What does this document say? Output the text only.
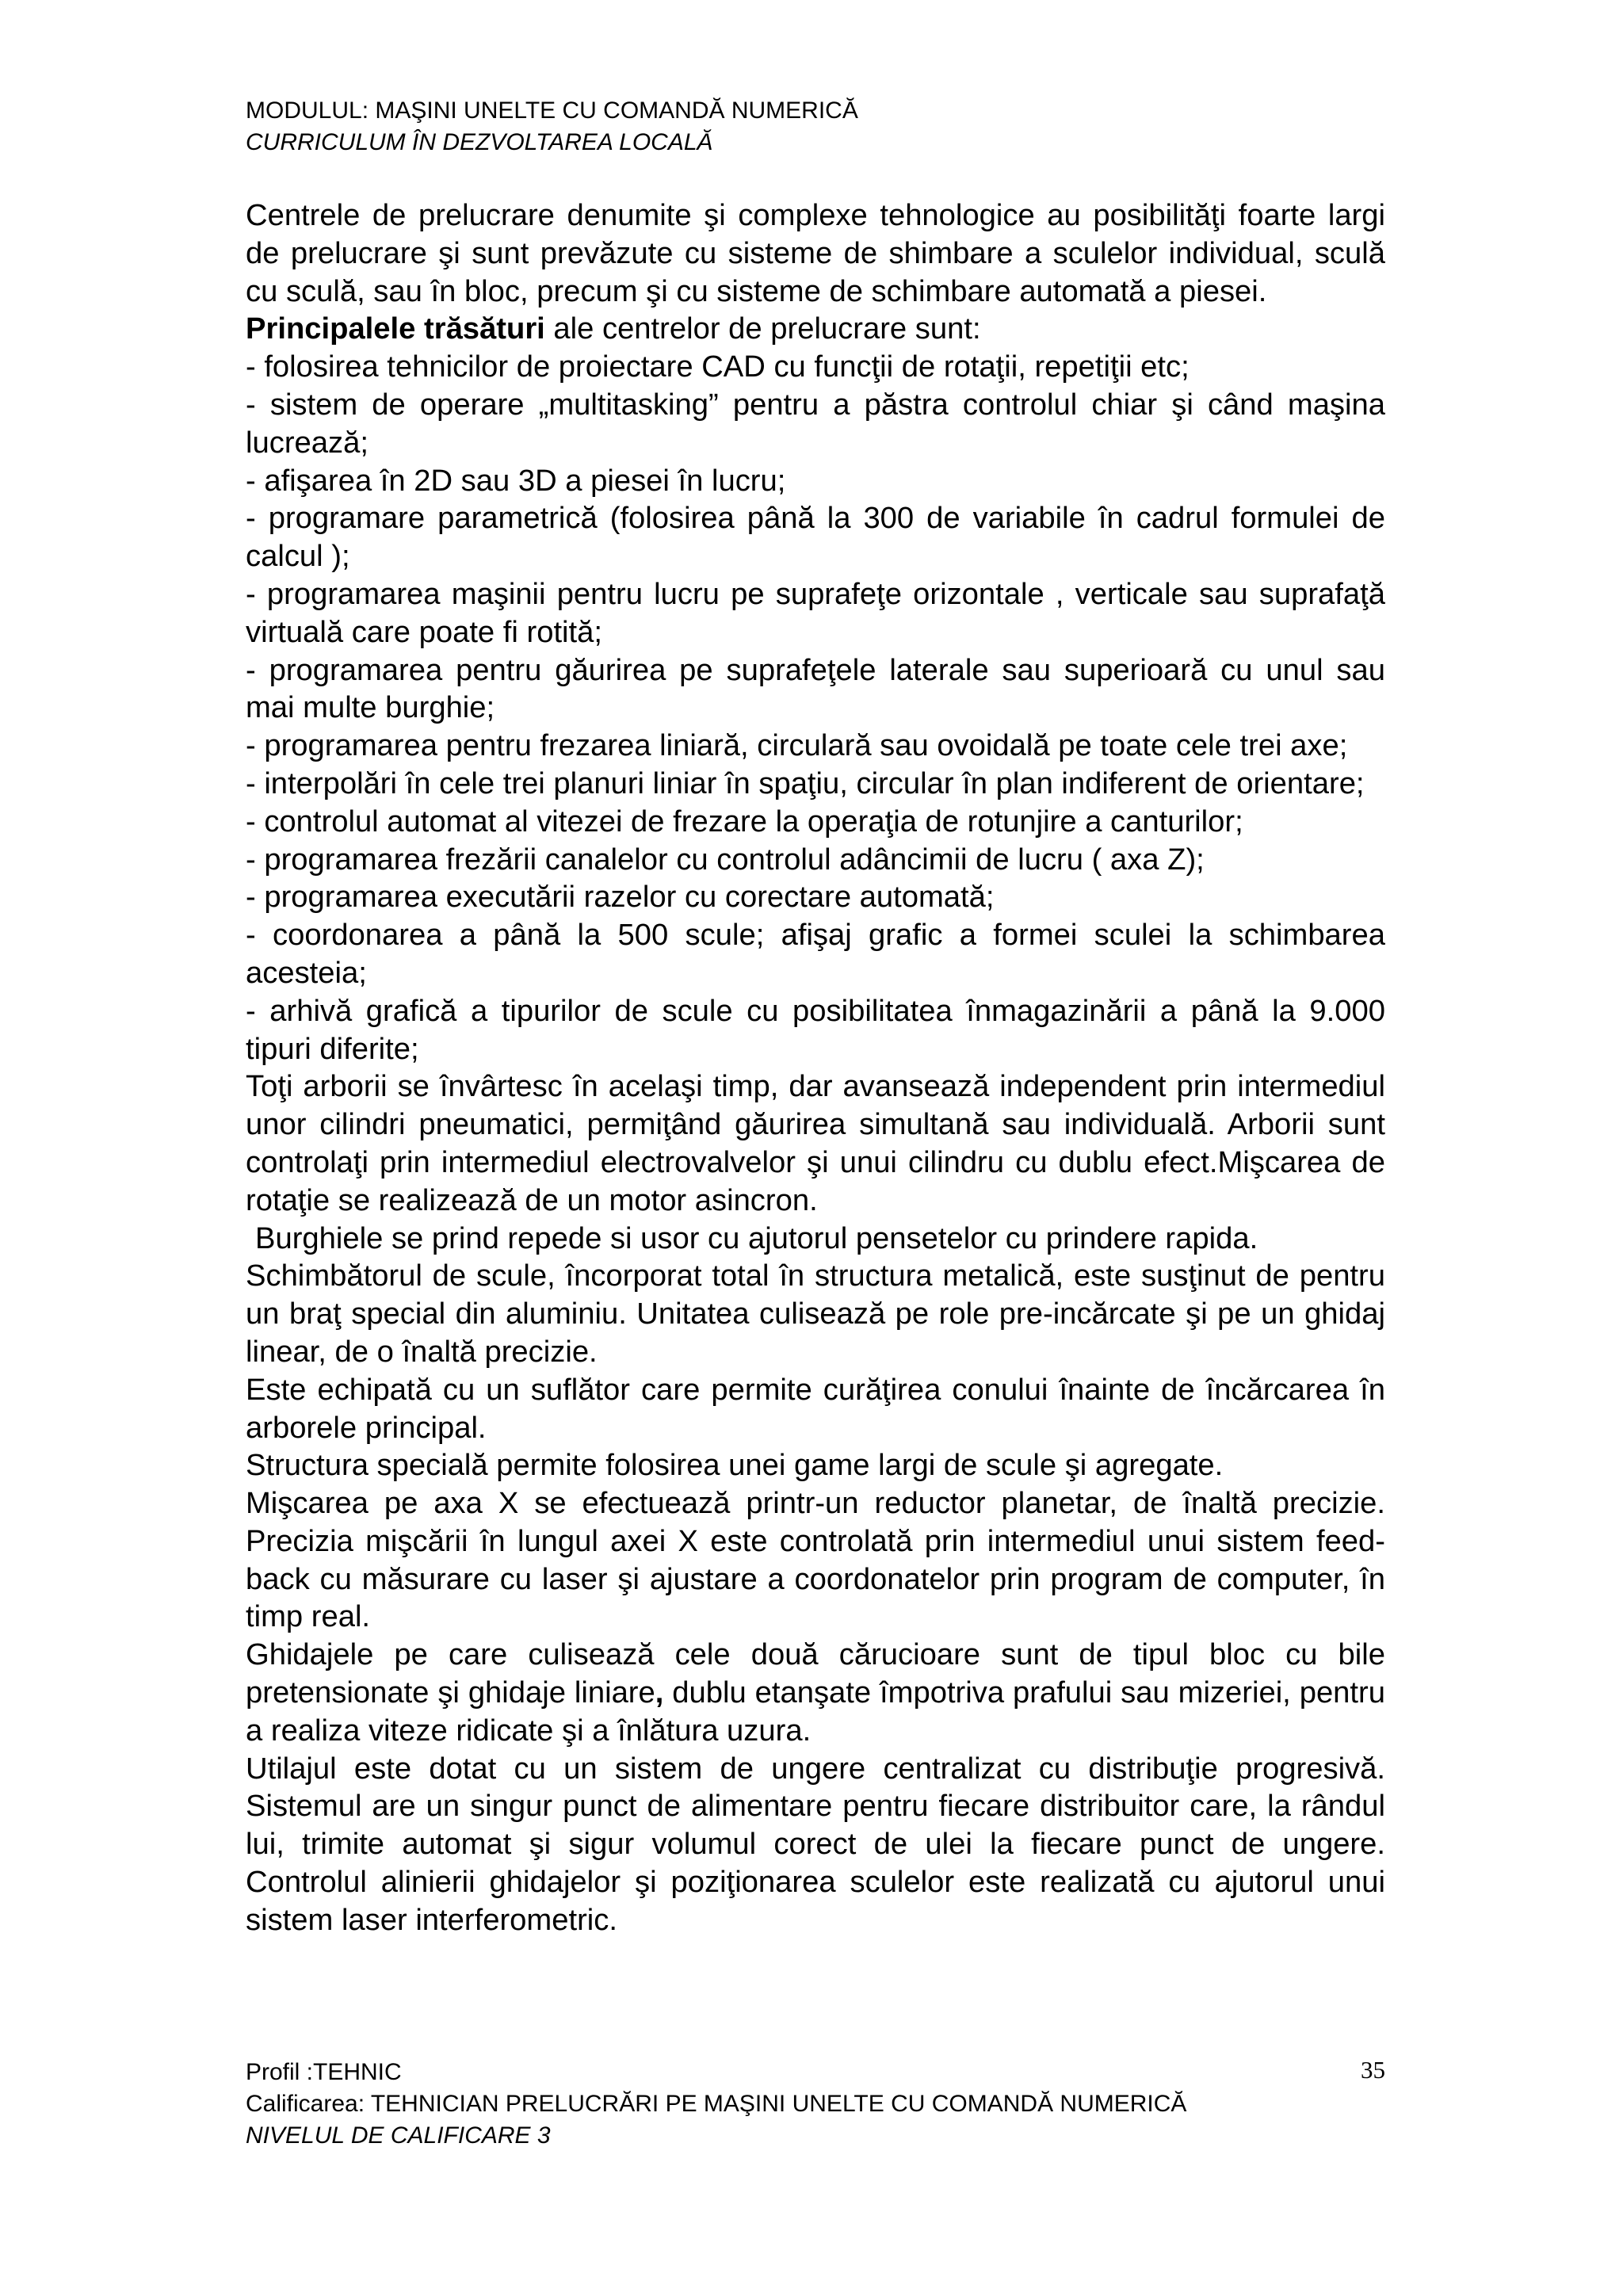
MODULUL: MAŞINI UNELTE CU COMANDĂ NUMERICĂ
CURRICULUM ÎN DEZVOLTAREA LOCALĂ

Centrele de prelucrare denumite şi complexe tehnologice au posibilităţi foarte largi de prelucrare şi sunt prevăzute cu sisteme de shimbare a sculelor individual, sculă cu sculă, sau în bloc, precum şi cu sisteme de schimbare automată a piesei.

Principalele trăsături ale centrelor de prelucrare sunt:

- folosirea tehnicilor de proiectare CAD cu funcţii de rotaţii, repetiţii etc;

- sistem de operare „multitasking” pentru a păstra controlul chiar şi când maşina lucrează;

- afişarea în 2D sau 3D a piesei în lucru;

- programare parametrică (folosirea până la 300 de variabile în cadrul formulei de calcul );

- programarea maşinii pentru lucru pe suprafeţe orizontale , verticale sau suprafaţă virtuală care poate fi rotită;

- programarea pentru găurirea pe suprafeţele laterale sau superioară cu unul sau mai multe burghie;

- programarea pentru frezarea liniară, circulară sau ovoidală pe toate cele trei axe;

- interpolări în cele trei planuri liniar în spaţiu, circular în plan indiferent de orientare;

- controlul automat al vitezei de frezare la operaţia de rotunjire a canturilor;

- programarea frezării canalelor cu controlul adâncimii de lucru ( axa Z);

- programarea executării razelor cu corectare automată;

- coordonarea a până la 500 scule; afişaj grafic a formei sculei la schimbarea acesteia;

- arhivă grafică a tipurilor de scule cu posibilitatea înmagazinării a până la 9.000 tipuri diferite;

Toţi arborii se învârtesc în acelaşi timp, dar avansează independent prin intermediul unor cilindri pneumatici, permiţând găurirea simultană sau individuală. Arborii sunt controlaţi prin intermediul electrovalvelor şi unui cilindru cu dublu efect.Mişcarea de rotaţie se realizează de un motor asincron.

Burghiele se prind repede si usor cu ajutorul pensetelor cu prindere rapida.

Schimbătorul de scule, încorporat total în structura metalică, este susţinut de pentru un braţ special din aluminiu. Unitatea culisează pe role pre-incărcate şi pe un ghidaj linear, de o înaltă precizie.

Este echipată cu un suflător care permite curăţirea conului înainte de încărcarea în arborele principal.

Structura specială permite folosirea unei game largi de scule şi agregate.

Mişcarea pe axa X se efectuează printr-un reductor planetar, de înaltă precizie. Precizia mişcării în lungul axei X este controlată prin intermediul unui sistem feed-back cu măsurare cu laser şi ajustare a coordonatelor prin program de computer, în timp real.

Ghidajele pe care culisează cele două cărucioare sunt de tipul bloc cu bile pretensionate şi ghidaje liniare, dublu etanşate împotriva prafului sau mizeriei, pentru a realiza viteze ridicate şi a înlătura uzura.

Utilajul este dotat cu un sistem de ungere centralizat cu distribuţie progresivă. Sistemul are un singur punct de alimentare pentru fiecare distribuitor care, la rândul lui, trimite automat şi sigur volumul corect de ulei la fiecare punct de ungere. Controlul alinierii ghidajelor şi poziţionarea sculelor este realizată cu ajutorul unui sistem laser interferometric.

Profil :TEHNIC	35
Calificarea: TEHNICIAN PRELUCRĂRI PE MAŞINI UNELTE CU COMANDĂ NUMERICĂ
NIVELUL DE CALIFICARE 3
